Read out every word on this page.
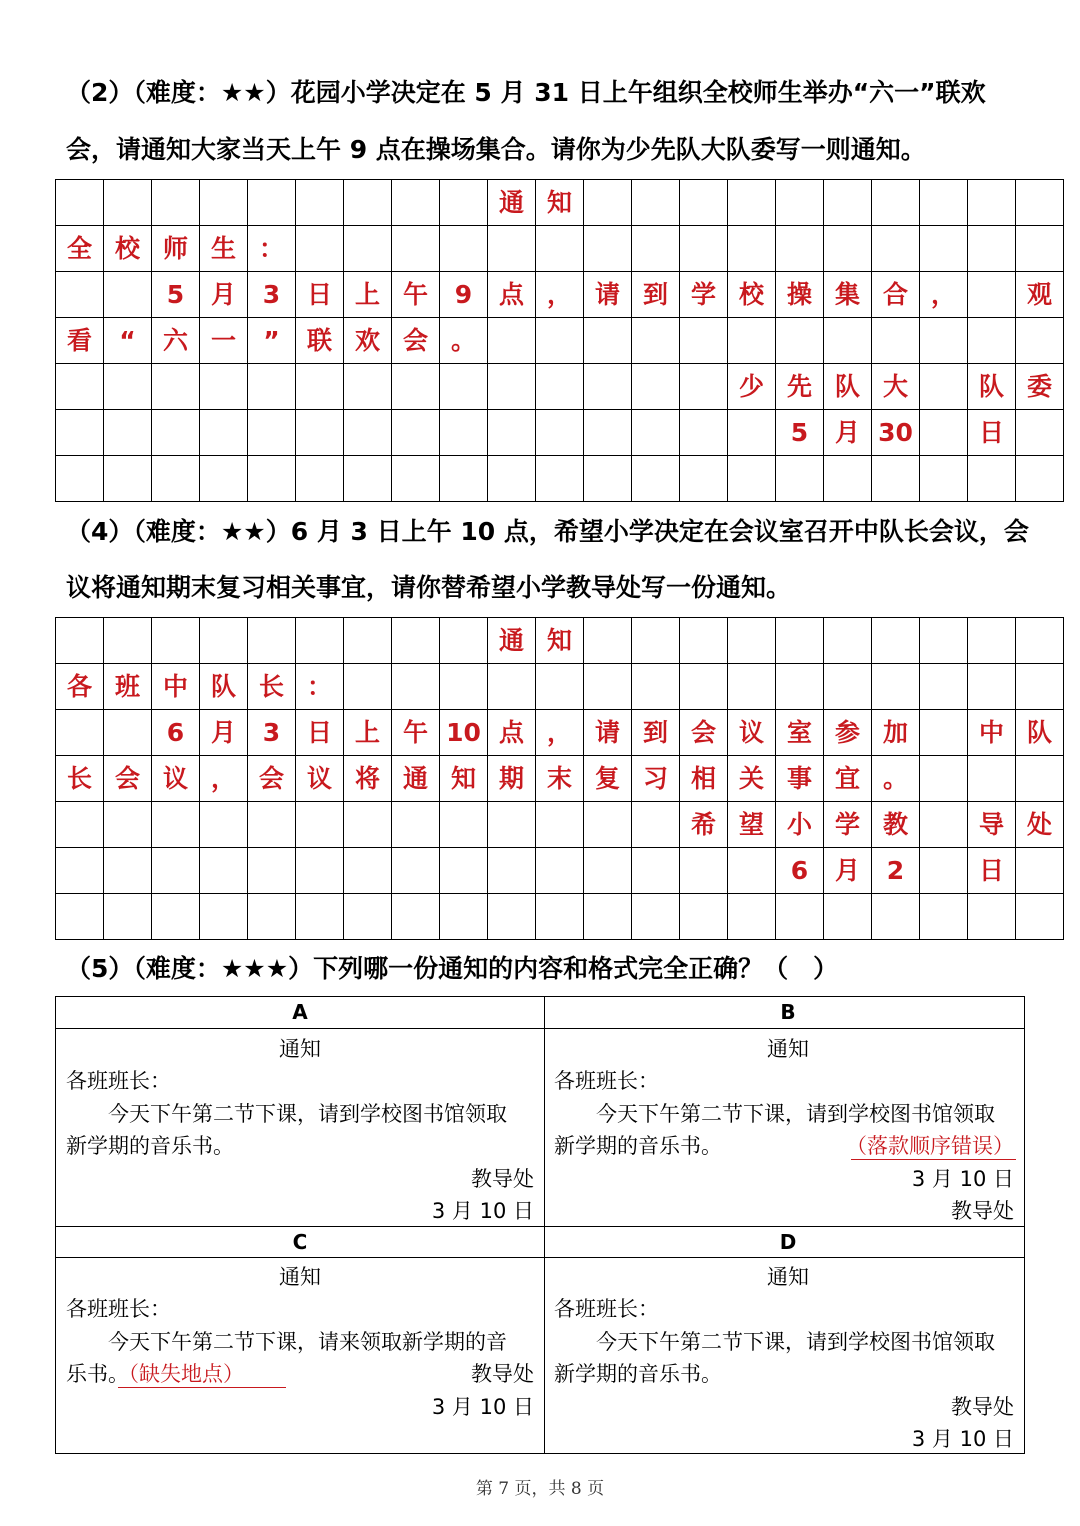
（2）（难度：★★）花园小学决定在 5 月 31 日上午组织全校师生举办“六一”联欢
会，请通知大家当天上午 9 点在操场集合。请你为少先队大队委写一则通知。
									通	知										
全	校	师	生	：																
		5	月	3	日	上	午	9	点	，	请	到	学	校	操	集	合	，		观
看	“	六	一	”	联	欢	会	。												
														少	先	队	大		队	委
															5	月	30		日	

（4）（难度：★★）6 月 3 日上午 10 点，希望小学决定在会议室召开中队长会议，会
议将通知期末复习相关事宜，请你替希望小学教导处写一份通知。
									通	知										
各	班	中	队	长	：															
		6	月	3	日	上	午	10	点	，	请	到	会	议	室	参	加		中	队
长	会	议	，	会	议	将	通	知	期	末	复	习	相	关	事	宜	。			
													希	望	小	学	教		导	处
															6	月	2		日	

（5）（难度：★★★）下列哪一份通知的内容和格式完全正确？（　）
A
通知
各班班长：
今天下午第二节下课，请到学校图书馆领取
新学期的音乐书。
教导处
3 月 10 日
B
通知
各班班长：
今天下午第二节下课，请到学校图书馆领取
新学期的音乐书。	（落款顺序错误）
3 月 10 日
教导处
C
通知
各班班长：
今天下午第二节下课，请来领取新学期的音
乐书。
（缺失地点）	教导处
3 月 10 日
D
通知
各班班长：
今天下午第二节下课，请到学校图书馆领取
新学期的音乐书。
教导处
3 月 10 日
第 7 页，共 8 页
